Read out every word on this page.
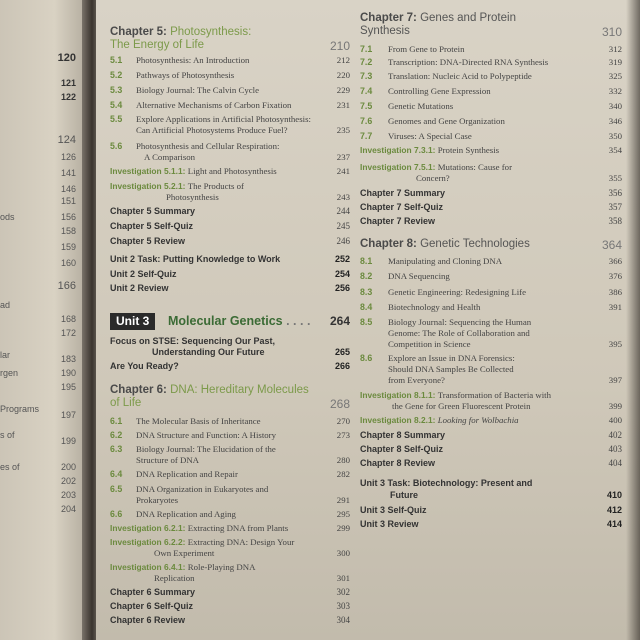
120
121
122
124
126
141
146
151
ods	156
158
159
160
166
ad
168
172
lar	183
rgen	190
195
Programs
197
s of
199
es of	200
202
203
204
Chapter 5: Photosynthesis:
The Energy of Life	210
5.1 Photosynthesis: An Introduction	212
5.2 Pathways of Photosynthesis	220
5.3 Biology Journal: The Calvin Cycle	229
5.4 Alternative Mechanisms of Carbon Fixation	231
5.5 Explore Applications in Artificial Photosynthesis:
Can Artificial Photosystems Produce Fuel?	235
5.6 Photosynthesis and Cellular Respiration:
A Comparison	237
Investigation 5.1.1: Light and Photosynthesis	241
Investigation 5.2.1: The Products of
Photosynthesis	243
Chapter 5 Summary	244
Chapter 5 Self-Quiz	245
Chapter 5 Review	246
Unit 2 Task: Putting Knowledge to Work	252
Unit 2 Self-Quiz	254
Unit 2 Review	256
Unit 3	Molecular Genetics . . . . 264
Focus on STSE: Sequencing Our Past,
Understanding Our Future	265
Are You Ready?	266
Chapter 6: DNA: Hereditary Molecules
of Life	268
6.1 The Molecular Basis of Inheritance	270
6.2 DNA Structure and Function: A History	273
6.3 Biology Journal: The Elucidation of the
Structure of DNA	280
6.4 DNA Replication and Repair	282
6.5 DNA Organization in Eukaryotes and
Prokaryotes	291
6.6 DNA Replication and Aging	295
Investigation 6.2.1: Extracting DNA from Plants	299
Investigation 6.2.2: Extracting DNA: Design Your
Own Experiment	300
Investigation 6.4.1: Role-Playing DNA
Replication	301
Chapter 6 Summary	302
Chapter 6 Self-Quiz	303
Chapter 6 Review	304
Chapter 7: Genes and Protein
Synthesis	310
7.1 From Gene to Protein	312
7.2 Transcription: DNA-Directed RNA Synthesis	319
7.3 Translation: Nucleic Acid to Polypeptide	325
7.4 Controlling Gene Expression	332
7.5 Genetic Mutations	340
7.6 Genomes and Gene Organization	346
7.7 Viruses: A Special Case	350
Investigation 7.3.1: Protein Synthesis	354
Investigation 7.5.1: Mutations: Cause for
Concern?	355
Chapter 7 Summary	356
Chapter 7 Self-Quiz	357
Chapter 7 Review	358
Chapter 8: Genetic Technologies	364
8.1 Manipulating and Cloning DNA	366
8.2 DNA Sequencing	376
8.3 Genetic Engineering: Redesigning Life	386
8.4 Biotechnology and Health	391
8.5 Biology Journal: Sequencing the Human
Genome: The Role of Collaboration and
Competition in Science	395
8.6 Explore an Issue in DNA Forensics:
Should DNA Samples Be Collected
from Everyone?	397
Investigation 8.1.1: Transformation of Bacteria with
the Gene for Green Fluorescent Protein	399
Investigation 8.2.1: Looking for Wolbachia	400
Chapter 8 Summary	402
Chapter 8 Self-Quiz	403
Chapter 8 Review	404
Unit 3 Task: Biotechnology: Present and
Future	410
Unit 3 Self-Quiz	412
Unit 3 Review	414
